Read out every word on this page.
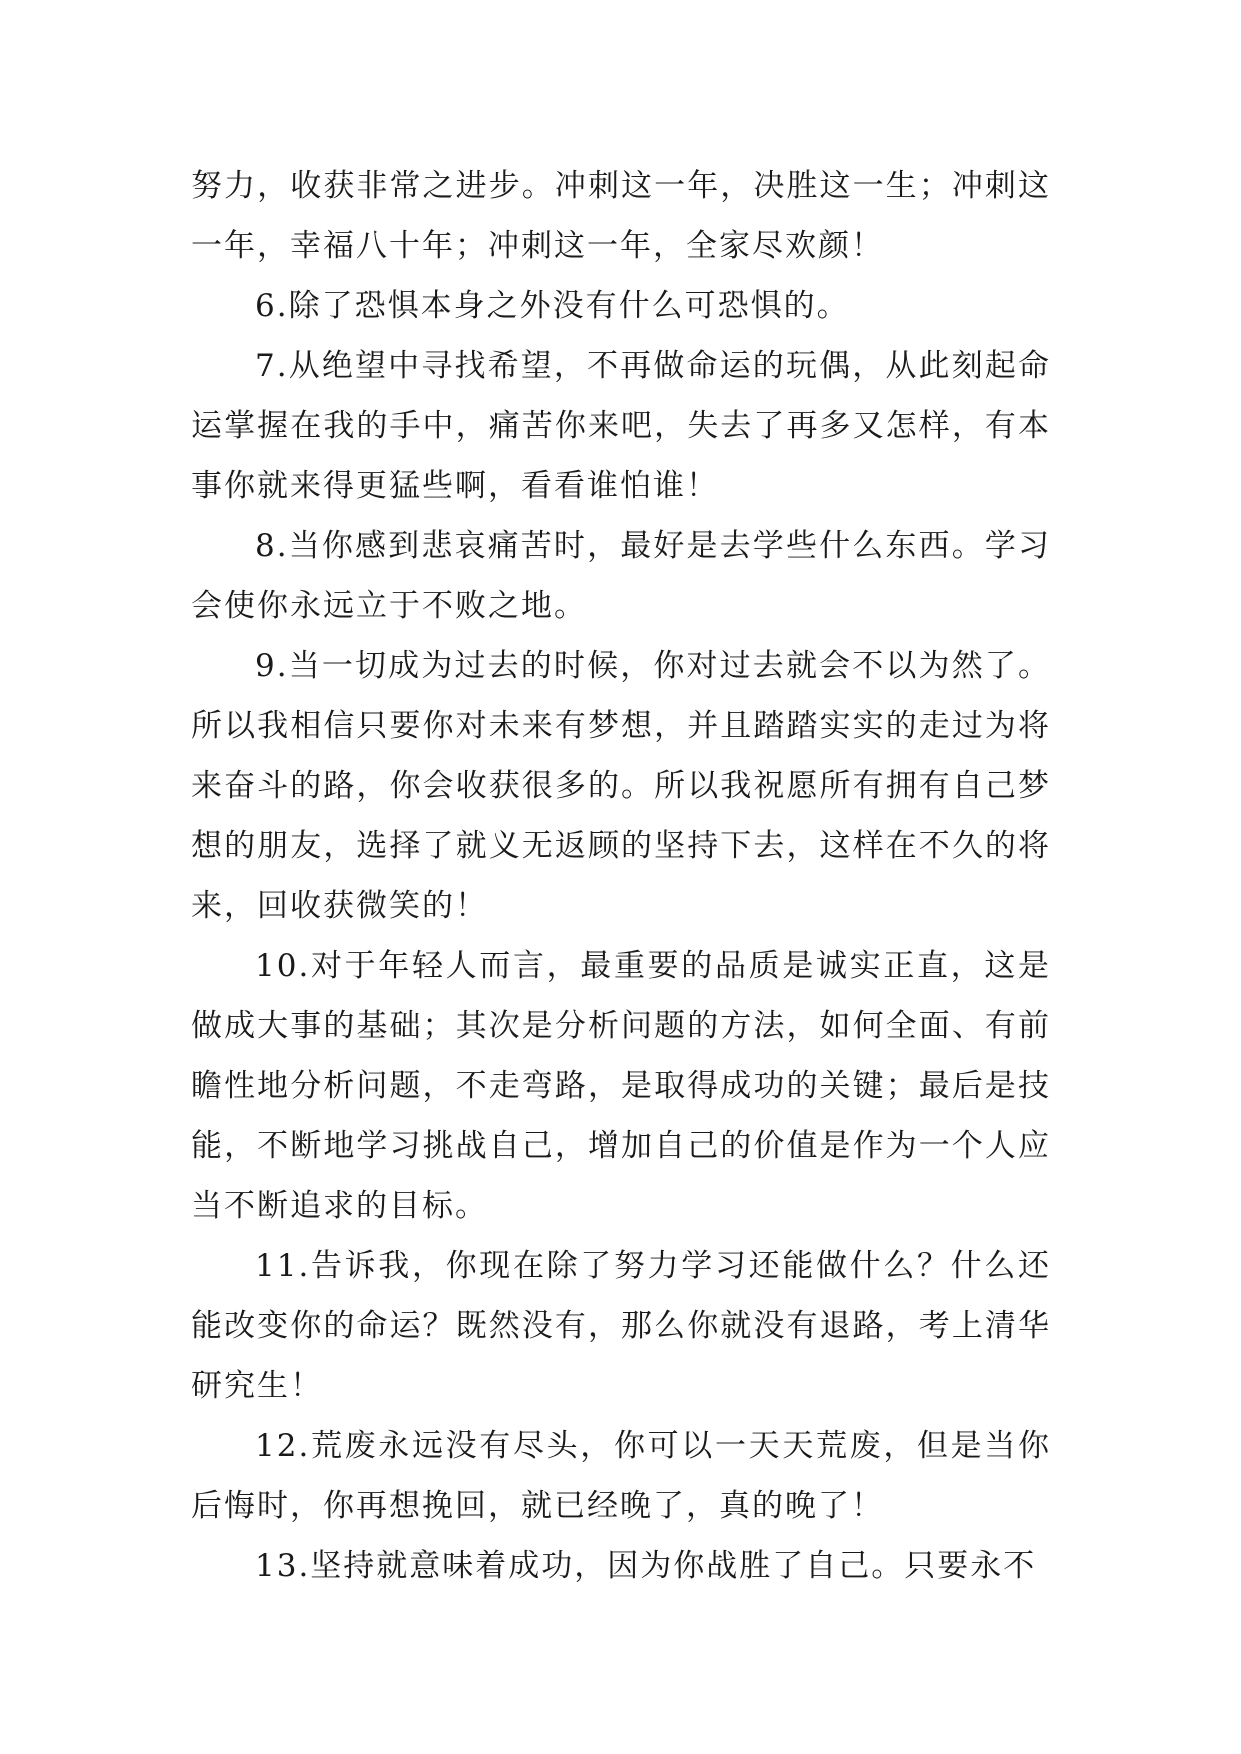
努力，收获非常之进步。冲刺这一年，决胜这一生；冲刺这一年，幸福八十年；冲刺这一年，全家尽欢颜！

6.除了恐惧本身之外没有什么可恐惧的。

7.从绝望中寻找希望，不再做命运的玩偶，从此刻起命运掌握在我的手中，痛苦你来吧，失去了再多又怎样，有本事你就来得更猛些啊，看看谁怕谁！

8.当你感到悲哀痛苦时，最好是去学些什么东西。学习会使你永远立于不败之地。

9.当一切成为过去的时候，你对过去就会不以为然了。所以我相信只要你对未来有梦想，并且踏踏实实的走过为将来奋斗的路，你会收获很多的。所以我祝愿所有拥有自己梦想的朋友，选择了就义无返顾的坚持下去，这样在不久的将来，回收获微笑的！

10.对于年轻人而言，最重要的品质是诚实正直，这是做成大事的基础；其次是分析问题的方法，如何全面、有前瞻性地分析问题，不走弯路，是取得成功的关键；最后是技能，不断地学习挑战自己，增加自己的价值是作为一个人应当不断追求的目标。

11.告诉我，你现在除了努力学习还能做什么？什么还能改变你的命运？既然没有，那么你就没有退路，考上清华研究生！

12.荒废永远没有尽头，你可以一天天荒废，但是当你后悔时，你再想挽回，就已经晚了，真的晚了！

13.坚持就意味着成功，因为你战胜了自己。只要永不
